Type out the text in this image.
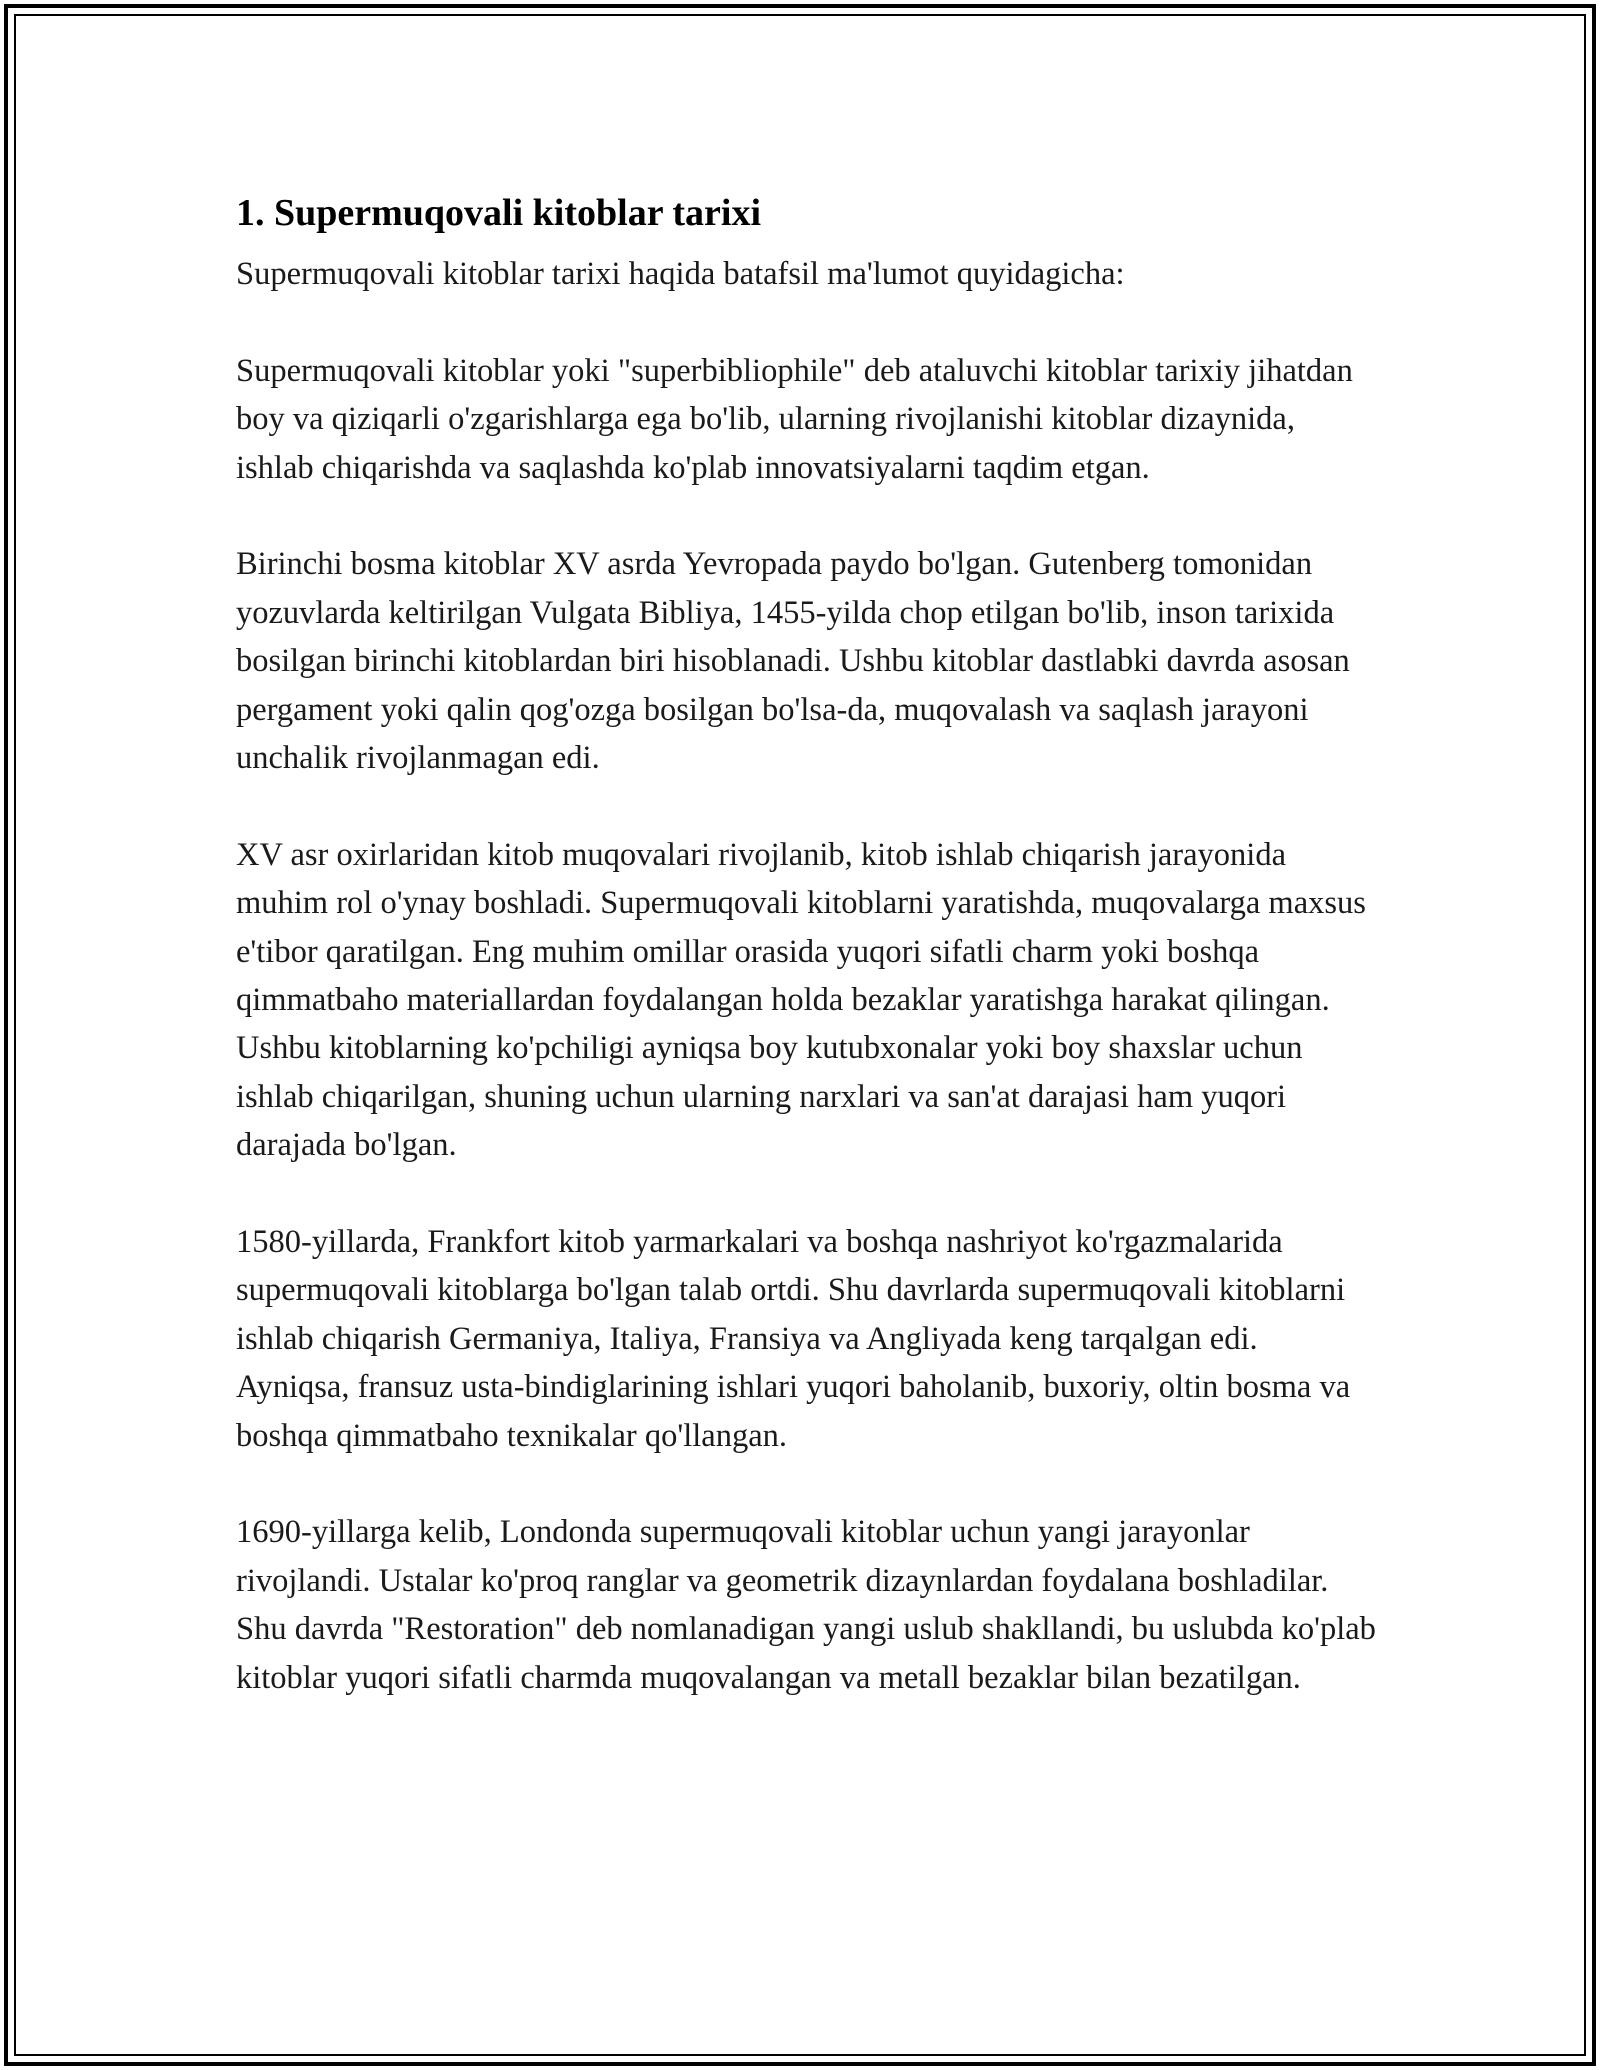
1. Supermuqovali kitoblar tarixi

Supermuqovali kitoblar tarixi haqida batafsil ma'lumot quyidagicha:

Supermuqovali kitoblar yoki "superbibliophile" deb ataluvchi kitoblar tarixiy jihatdan boy va qiziqarli o'zgarishlarga ega bo'lib, ularning rivojlanishi kitoblar dizaynida, ishlab chiqarishda va saqlashda ko'plab innovatsiyalarni taqdim etgan.

Birinchi bosma kitoblar XV asrda Yevropada paydo bo'lgan. Gutenberg tomonidan yozuvlarda keltirilgan Vulgata Bibliya, 1455-yilda chop etilgan bo'lib, inson tarixida bosilgan birinchi kitoblardan biri hisoblanadi. Ushbu kitoblar dastlabki davrda asosan pergament yoki qalin qog'ozga bosilgan bo'lsa-da, muqovalash va saqlash jarayoni unchalik rivojlanmagan edi.

XV asr oxirlaridan kitob muqovalari rivojlanib, kitob ishlab chiqarish jarayonida muhim rol o'ynay boshladi. Supermuqovali kitoblarni yaratishda, muqovalarga maxsus e'tibor qaratilgan. Eng muhim omillar orasida yuqori sifatli charm yoki boshqa qimmatbaho materiallardan foydalangan holda bezaklar yaratishga harakat qilingan. Ushbu kitoblarning ko'pchiligi ayniqsa boy kutubxonalar yoki boy shaxslar uchun ishlab chiqarilgan, shuning uchun ularning narxlari va san'at darajasi ham yuqori darajada bo'lgan.

1580-yillarda, Frankfort kitob yarmarkalari va boshqa nashriyot ko'rgazmalarida supermuqovali kitoblarga bo'lgan talab ortdi. Shu davrlarda supermuqovali kitoblarni ishlab chiqarish Germaniya, Italiya, Fransiya va Angliyada keng tarqalgan edi. Ayniqsa, fransuz usta-bindiglarining ishlari yuqori baholanib, buxoriy, oltin bosma va boshqa qimmatbaho texnikalar qo'llangan.

1690-yillarga kelib, Londonda supermuqovali kitoblar uchun yangi jarayonlar rivojlandi. Ustalar ko'proq ranglar va geometrik dizaynlardan foydalana boshladilar. Shu davrda "Restoration" deb nomlanadigan yangi uslub shakllandi, bu uslubda ko'plab kitoblar yuqori sifatli charmda muqovalangan va metall bezaklar bilan bezatilgan.
